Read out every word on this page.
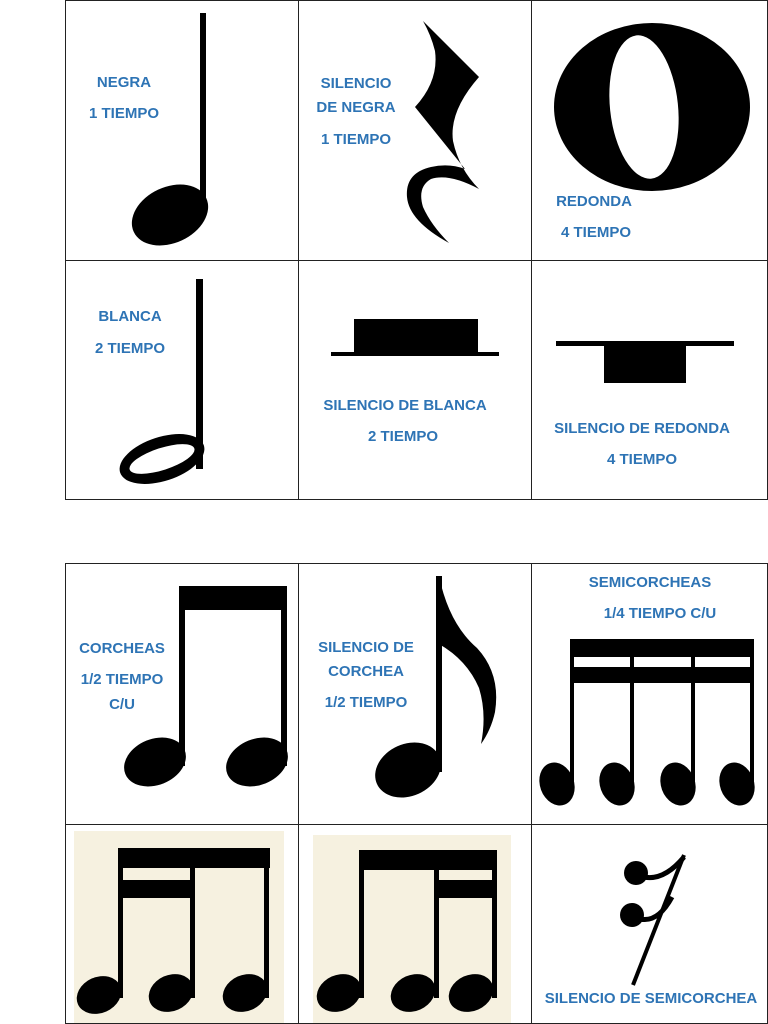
NEGRA
1 TIEMPO
SILENCIO
DE NEGRA
1 TIEMPO
REDONDA
4 TIEMPO
BLANCA
2 TIEMPO
SILENCIO DE BLANCA
2 TIEMPO	SILENCIO DE REDONDA
4 TIEMPO
CORCHEAS
1/2 TIEMPO
C/U
SILENCIO DE
CORCHEA
1/2 TIEMPO
SEMICORCHEAS
1/4 TIEMPO C/U
SILENCIO DE SEMICORCHEA
